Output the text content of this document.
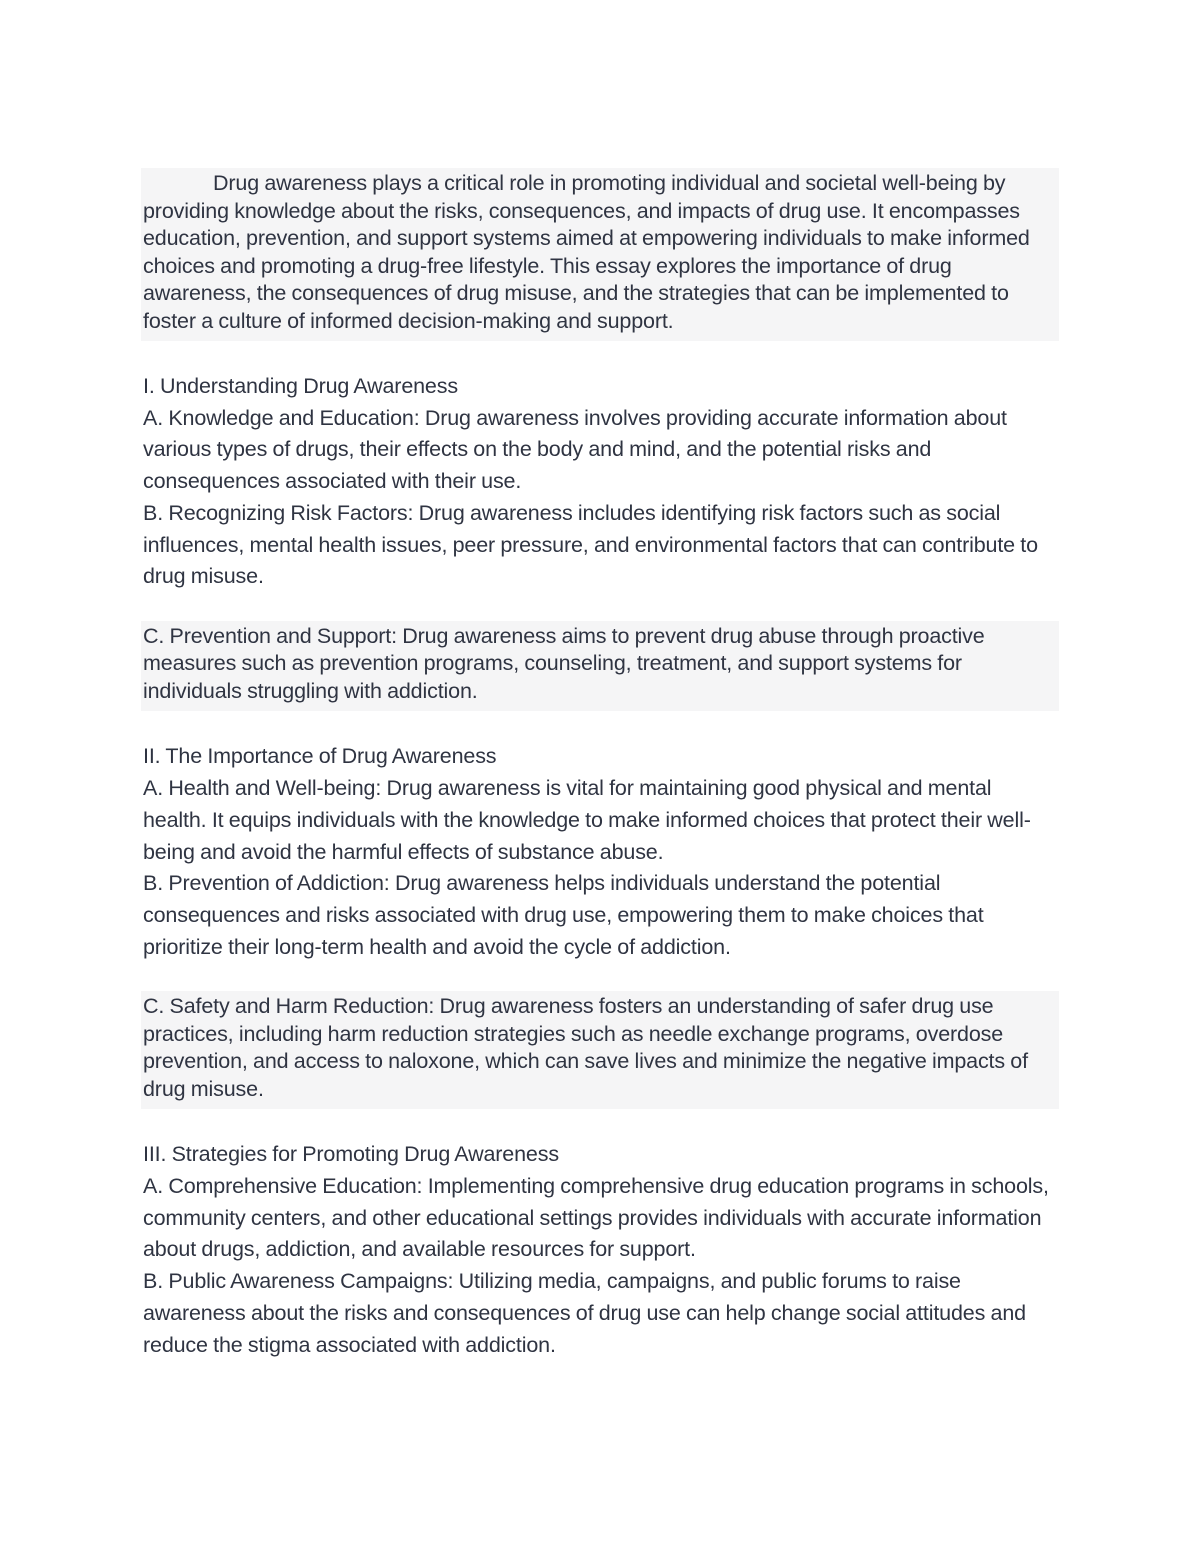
Drug awareness plays a critical role in promoting individual and societal well-being by providing knowledge about the risks, consequences, and impacts of drug use. It encompasses education, prevention, and support systems aimed at empowering individuals to make informed choices and promoting a drug-free lifestyle. This essay explores the importance of drug awareness, the consequences of drug misuse, and the strategies that can be implemented to foster a culture of informed decision-making and support.

I. Understanding Drug Awareness

A. Knowledge and Education: Drug awareness involves providing accurate information about various types of drugs, their effects on the body and mind, and the potential risks and consequences associated with their use.

B. Recognizing Risk Factors: Drug awareness includes identifying risk factors such as social influences, mental health issues, peer pressure, and environmental factors that can contribute to drug misuse.

C. Prevention and Support: Drug awareness aims to prevent drug abuse through proactive measures such as prevention programs, counseling, treatment, and support systems for individuals struggling with addiction.

II. The Importance of Drug Awareness

A. Health and Well-being: Drug awareness is vital for maintaining good physical and mental health. It equips individuals with the knowledge to make informed choices that protect their well-being and avoid the harmful effects of substance abuse.

B. Prevention of Addiction: Drug awareness helps individuals understand the potential consequences and risks associated with drug use, empowering them to make choices that prioritize their long-term health and avoid the cycle of addiction.

C. Safety and Harm Reduction: Drug awareness fosters an understanding of safer drug use practices, including harm reduction strategies such as needle exchange programs, overdose prevention, and access to naloxone, which can save lives and minimize the negative impacts of drug misuse.

III. Strategies for Promoting Drug Awareness

A. Comprehensive Education: Implementing comprehensive drug education programs in schools, community centers, and other educational settings provides individuals with accurate information about drugs, addiction, and available resources for support.

B. Public Awareness Campaigns: Utilizing media, campaigns, and public forums to raise awareness about the risks and consequences of drug use can help change social attitudes and reduce the stigma associated with addiction.
